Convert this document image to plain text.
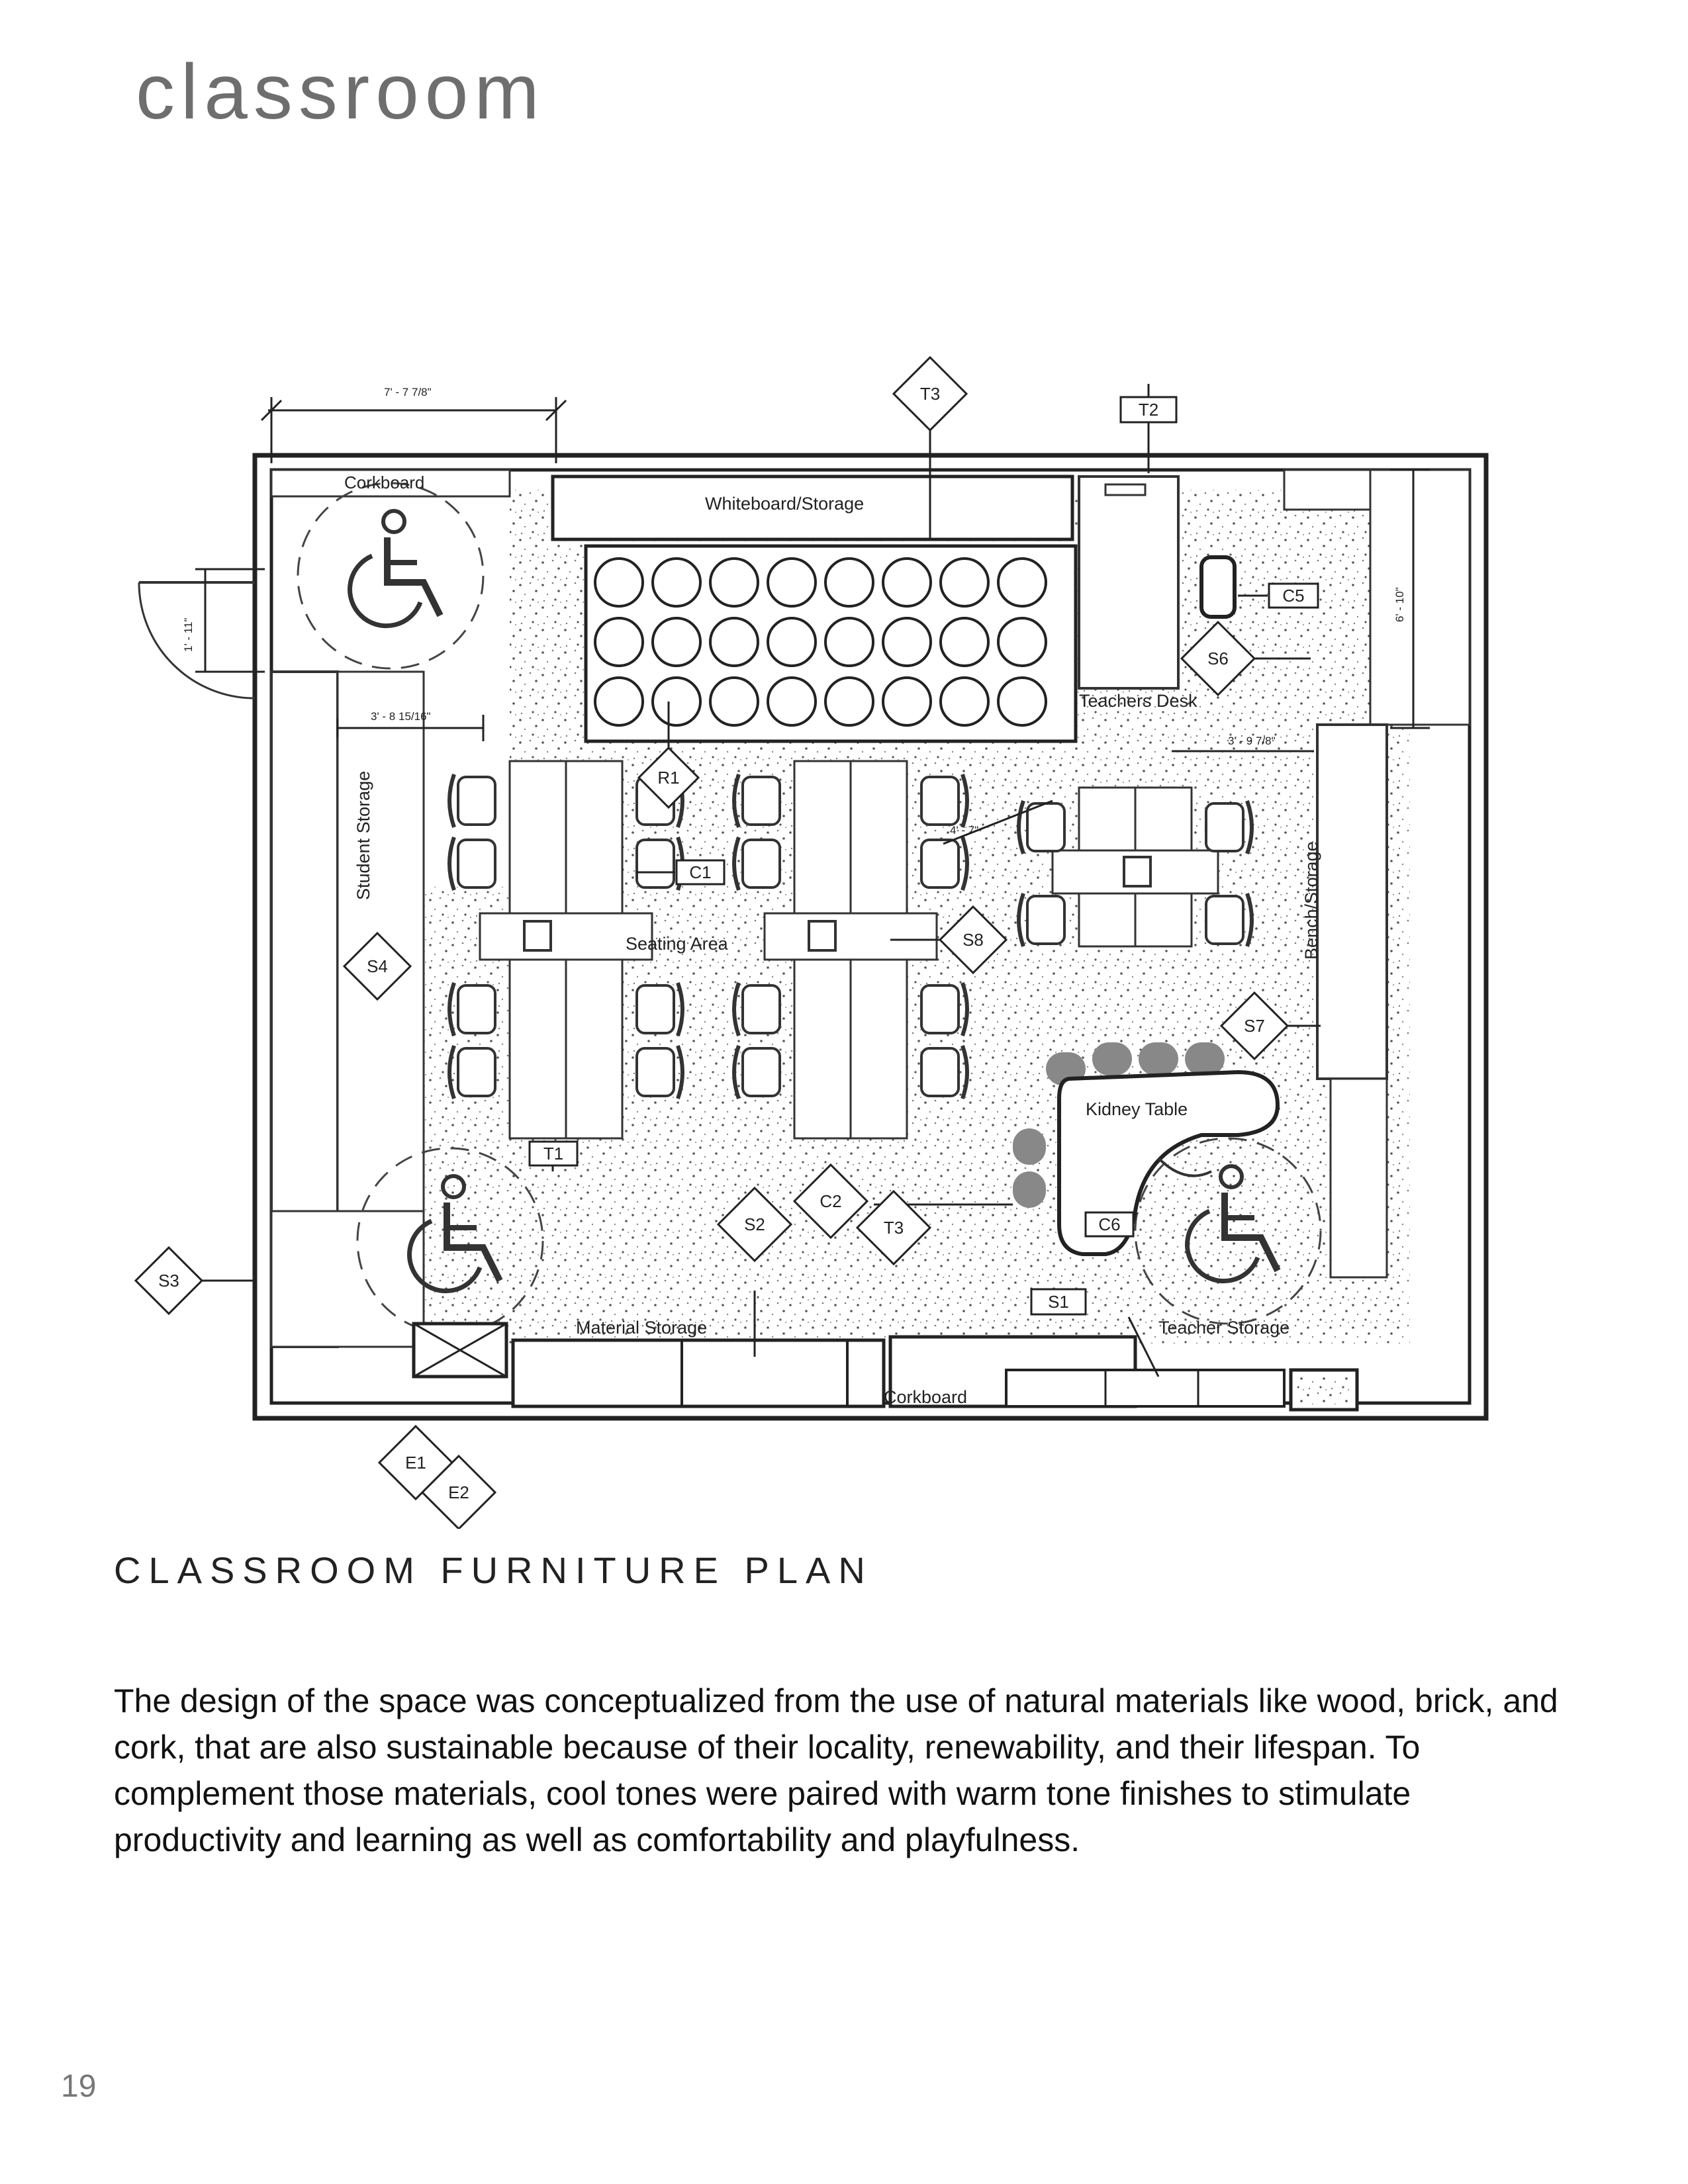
classroom
Corkboard
Whiteboard/Storage
Teachers Desk
Student Storage
Bench/Storage
Seating Area
Kidney Table
Material Storage	Teacher Storage
Corkboard
7' - 7 7/8"
1' - 11"
3' - 8 15/16"
6' - 10"
3' - 9 7/8"
4' - 7"
T3
T2
C5
S6
R1
C1
S4
S8
S7
T1
C2
T3
S2	C6
S1
S3
E1
E2
CLASSROOM FURNITURE PLAN

The design of the space was conceptualized from the use of natural materials like wood, brick, and cork, that are also sustainable because of their locality, renewability, and their lifespan. To complement those materials, cool tones were paired with warm tone finishes to stimulate productivity and learning as well as comfortability and playfulness.

19
